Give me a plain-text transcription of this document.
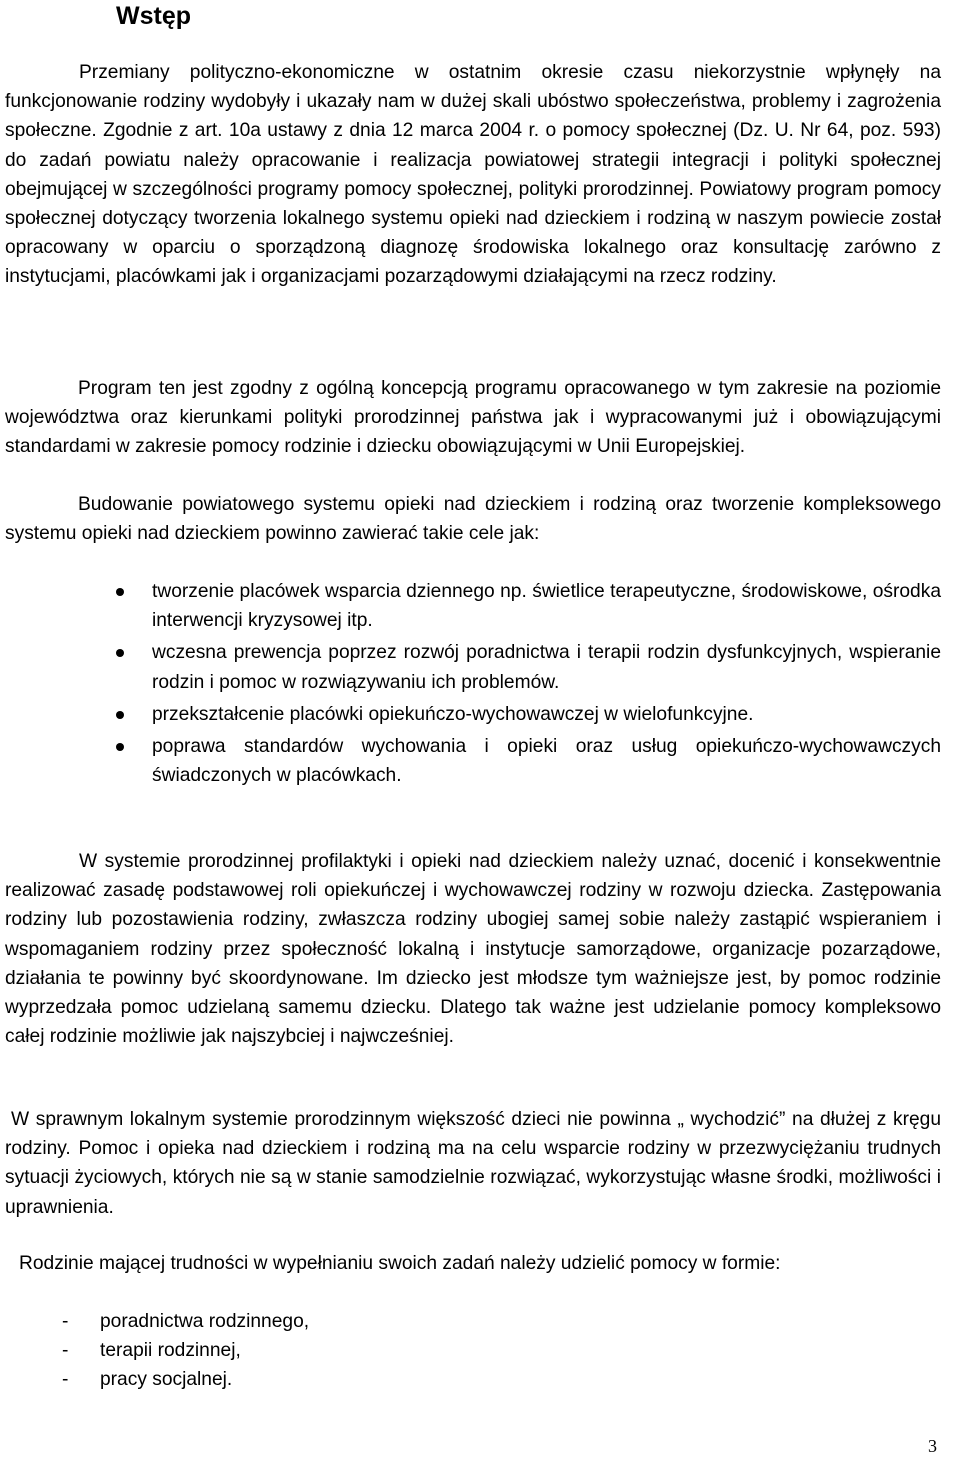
Wstęp

Przemiany polityczno-ekonomiczne w ostatnim okresie czasu niekorzystnie wpłynęły na funkcjonowanie rodziny wydobyły i ukazały nam w dużej skali ubóstwo społeczeństwa, problemy i zagrożenia społeczne. Zgodnie z art. 10a ustawy z dnia 12 marca 2004 r. o pomocy społecznej (Dz. U. Nr 64, poz. 593) do zadań powiatu należy opracowanie i realizacja powiatowej strategii integracji i polityki społecznej obejmującej w szczególności programy pomocy społecznej, polityki prorodzinnej. Powiatowy program pomocy społecznej dotyczący tworzenia lokalnego systemu opieki nad dzieckiem i rodziną w naszym powiecie został opracowany w oparciu o sporządzoną diagnozę środowiska lokalnego oraz konsultację zarówno z instytucjami, placówkami jak i organizacjami pozarządowymi działającymi na rzecz rodziny.

Program ten jest zgodny z ogólną koncepcją programu opracowanego w tym zakresie na poziomie województwa oraz kierunkami polityki prorodzinnej państwa jak i wypracowanymi już i obowiązującymi standardami w zakresie pomocy rodzinie i dziecku obowiązującymi w Unii Europejskiej.

Budowanie powiatowego systemu opieki nad dzieckiem i rodziną oraz tworzenie kompleksowego systemu opieki nad dzieckiem powinno zawierać takie cele jak:

tworzenie placówek wsparcia dziennego np. świetlice terapeutyczne, środowiskowe, ośrodka interwencji kryzysowej itp.
wczesna prewencja poprzez rozwój poradnictwa i terapii rodzin dysfunkcyjnych, wspieranie rodzin i pomoc w rozwiązywaniu ich problemów.
przekształcenie placówki opiekuńczo-wychowawczej w wielofunkcyjne.
poprawa standardów wychowania i opieki oraz usług opiekuńczo-wychowawczych świadczonych w placówkach.

W systemie prorodzinnej profilaktyki i opieki nad dzieckiem należy uznać, docenić i konsekwentnie realizować zasadę podstawowej roli opiekuńczej i wychowawczej rodziny w rozwoju dziecka. Zastępowania rodziny lub pozostawienia rodziny, zwłaszcza rodziny ubogiej samej sobie należy zastąpić wspieraniem i wspomaganiem rodziny przez społeczność lokalną i instytucje samorządowe, organizacje pozarządowe, działania te powinny być skoordynowane. Im dziecko jest młodsze tym ważniejsze jest, by pomoc rodzinie wyprzedzała pomoc udzielaną samemu dziecku. Dlatego tak ważne jest udzielanie pomocy kompleksowo całej rodzinie możliwie jak najszybciej i najwcześniej.

W sprawnym lokalnym systemie prorodzinnym większość dzieci nie powinna „ wychodzić” na dłużej z kręgu rodziny. Pomoc i opieka nad dzieckiem i rodziną ma na celu wsparcie rodziny w przezwyciężaniu trudnych sytuacji życiowych, których nie są w stanie samodzielnie rozwiązać, wykorzystując własne środki, możliwości i uprawnienia.

Rodzinie mającej trudności w wypełnianiu swoich zadań należy udzielić pomocy w formie:

- poradnictwa rodzinnego,
- terapii rodzinnej,
- pracy socjalnej.
3
